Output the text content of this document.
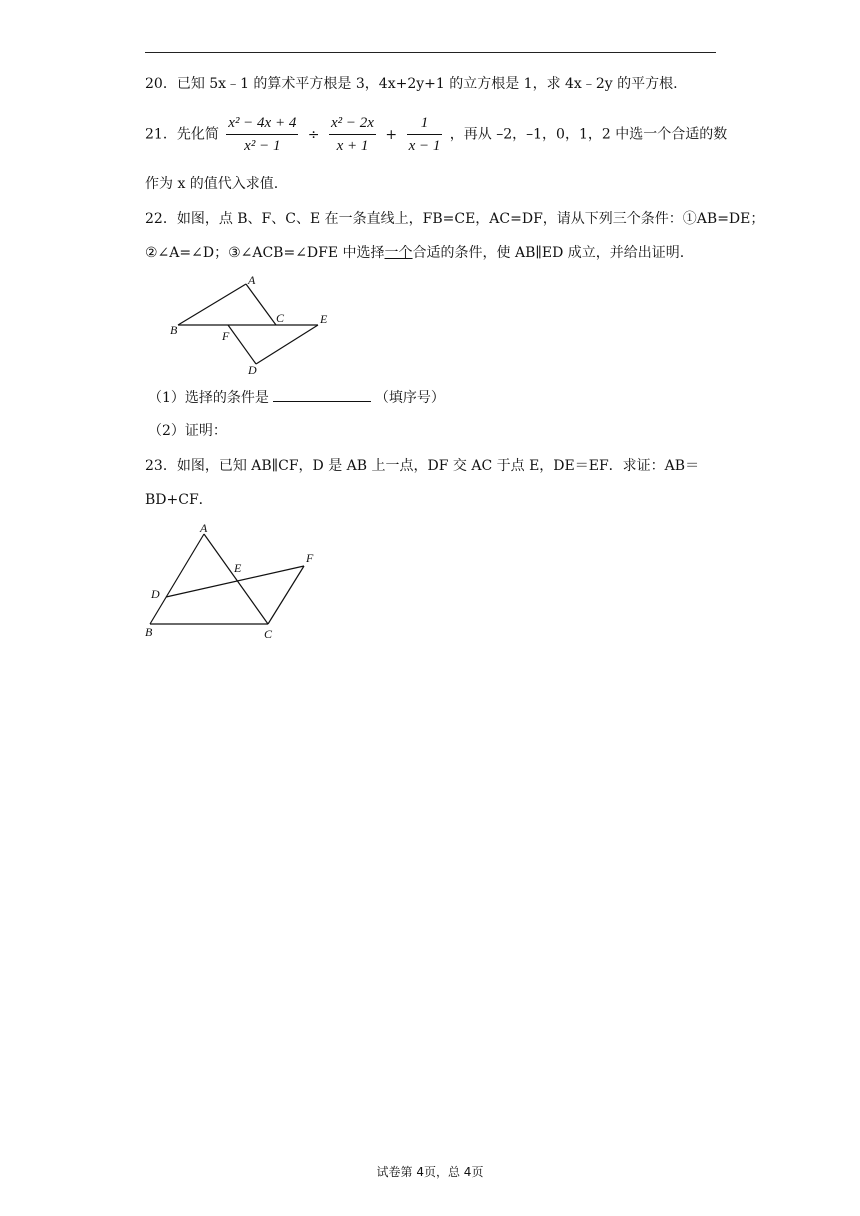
20．已知 5x﹣1 的算术平方根是 3，4x+2y+1 的立方根是 1，求 4x﹣2y 的平方根.
21．先化简 $\frac{\text{x² − 4x + 4}}{\text{x² − 1}} \div \frac{\text{x² − 2x}}{x + 1} + \frac{1}{x - 1}$ ，再从 –2，–1，0，1，2 中选一个合适的数
作为 x 的值代入求值.
22．如图，点 B、F、C、E 在一条直线上，FB=CE，AC=DF，请从下列三个条件：①AB=DE；
②∠A=∠D；③∠ACB=∠DFE 中选择一个合适的条件，使 AB∥ED 成立，并给出证明.
A
B
C
D
E
F
（1）选择的条件是	（填序号）
（2）证明：
23．如图，已知 AB∥CF，D 是 AB 上一点，DF 交 AC 于点 E，DE＝EF．求证：AB＝
BD+CF．
A
B	C
D
E
F
试卷第 4页，总 4页
